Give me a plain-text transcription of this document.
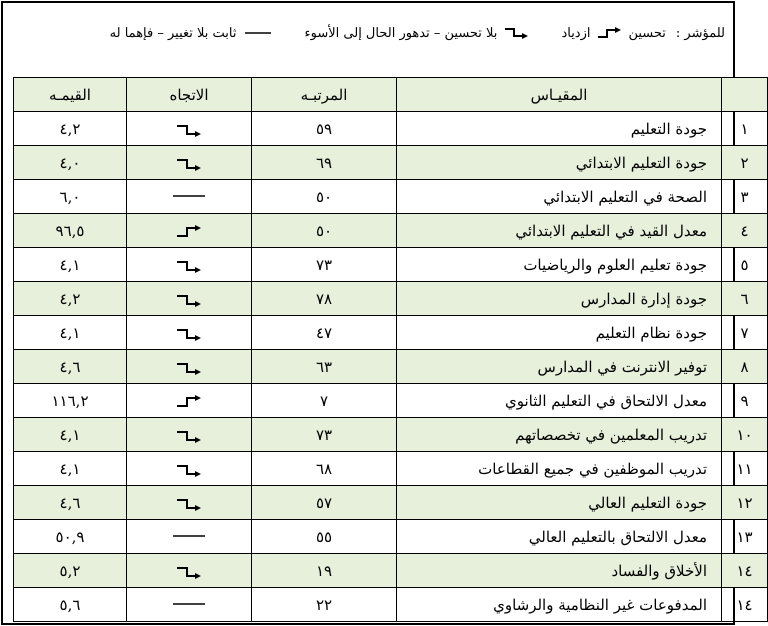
للمؤشر :
تحسين
ازدياد
بلا تحسين – تدهور الحال إلى الأسوء
ثابت بلا تغيير – فإهما له
	المقيـاس	المرتبـه	الاتجاه	القيمـه
١	جودة التعليم	٥٩		٤,٢
٢	جودة التعليم الابتدائي	٦٩		٤,٠
٣	الصحة في التعليم الابتدائي	٥٠		٦,٠
٤	معدل القيد في التعليم الابتدائي	٥٠		٩٦,٥
٥	جودة تعليم العلوم والرياضيات	٧٣		٤,١
٦	جودة إدارة المدارس	٧٨		٤,٢
٧	جودة نظام التعليم	٤٧		٤,١
٨	توفير الانترنت في المدارس	٦٣		٤,٦
٩	معدل الالتحاق في التعليم الثانوي	٧		١١٦,٢
١٠	تدريب المعلمين في تخصصاتهم	٧٣		٤,١
١١	تدريب الموظفين في جميع القطاعات	٦٨		٤,١
١٢	جودة التعليم العالي	٥٧		٤,٦
١٣	معدل الالتحاق بالتعليم العالي	٥٥		٥٠,٩
١٤	الأخلاق والفساد	١٩		٥,٢
١٤	المدفوعات غير النظامية والرشاوي	٢٢		٥,٦
